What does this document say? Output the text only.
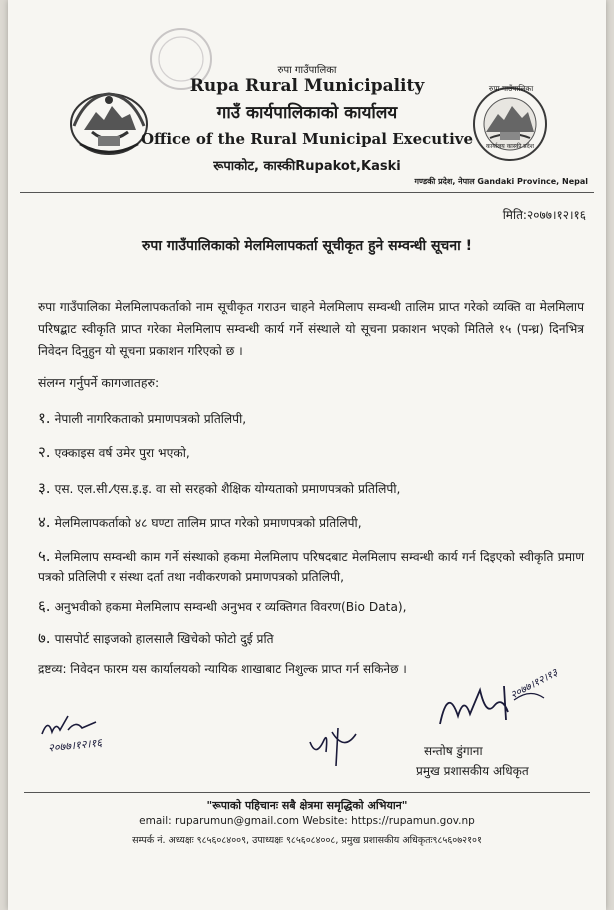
रुपा गाउँपालिका
कार्यालय कास्की प्रदेश
रुपा गाउँपालिका
Rupa Rural Municipality
गाउँ कार्यपालिकाको कार्यालय
Office of the Rural Municipal Executive
रूपाकोट, कास्कीRupakot,Kaski
गण्डकी प्रदेश, नेपाल Gandaki Province, Nepal
मिति:२०७७।१२।१६
रुपा गाउँपालिकाको मेलमिलापकर्ता सूचीकृत हुने सम्वन्धी सूचना !
रुपा गाउँपालिका मेलमिलापकर्ताको नाम सूचीकृत गराउन चाहने मेलमिलाप सम्वन्धी तालिम प्राप्त गरेको व्यक्ति वा मेलमिलाप परिषद्बाट स्वीकृति प्राप्त गरेका मेलमिलाप सम्वन्धी कार्य गर्ने संस्थाले यो सूचना प्रकाशन भएको मितिले १५ (पन्ध्र) दिनभित्र निवेदन दिनुहुन यो सूचना प्रकाशन गरिएको छ ।
संलग्न गर्नुपर्ने कागजातहरु:
१. नेपाली नागरिकताको प्रमाणपत्रको प्रतिलिपी,
२. एक्काइस वर्ष उमेर पुरा भएको,
३. एस. एल.सी.⁄एस.इ.इ. वा सो सरहको शैक्षिक योग्यताको प्रमाणपत्रको प्रतिलिपी,
४. मेलमिलापकर्ताको ४८ घण्टा तालिम प्राप्त गरेको प्रमाणपत्रको प्रतिलिपी,
५. मेलमिलाप सम्वन्धी काम गर्ने संस्थाको हकमा मेलमिलाप परिषदबाट मेलमिलाप सम्वन्धी कार्य गर्न दिइएको स्वीकृति प्रमाण पत्रको प्रतिलिपी र संस्था दर्ता तथा नवीकरणको प्रमाणपत्रको प्रतिलिपी,
६. अनुभवीको हकमा मेलमिलाप सम्वन्धी अनुभव र व्यक्तिगत विवरण(Bio Data),
७. पासपोर्ट साइजको हालसालै खिचेको फोटो दुई प्रति
द्रष्टव्य: निवेदन फारम यस कार्यालयको न्यायिक शाखाबाट निशुल्क प्राप्त गर्न सकिनेछ ।
२०७७।१२।१६
२०७७।१२।१३
सन्तोष डुंगाना
प्रमुख प्रशासकीय अधिकृत
"रूपाको पहिचानः सबै क्षेत्रमा समृद्धिको अभियान"
email: ruparumun@gmail.com Website: https://rupamun.gov.np
सम्पर्क नं. अध्यक्षः ९८५६०८४००९, उपाध्यक्षः ९८५६०८४००८, प्रमुख प्रशासकीय अधिकृतः९८५६०७२१०१
